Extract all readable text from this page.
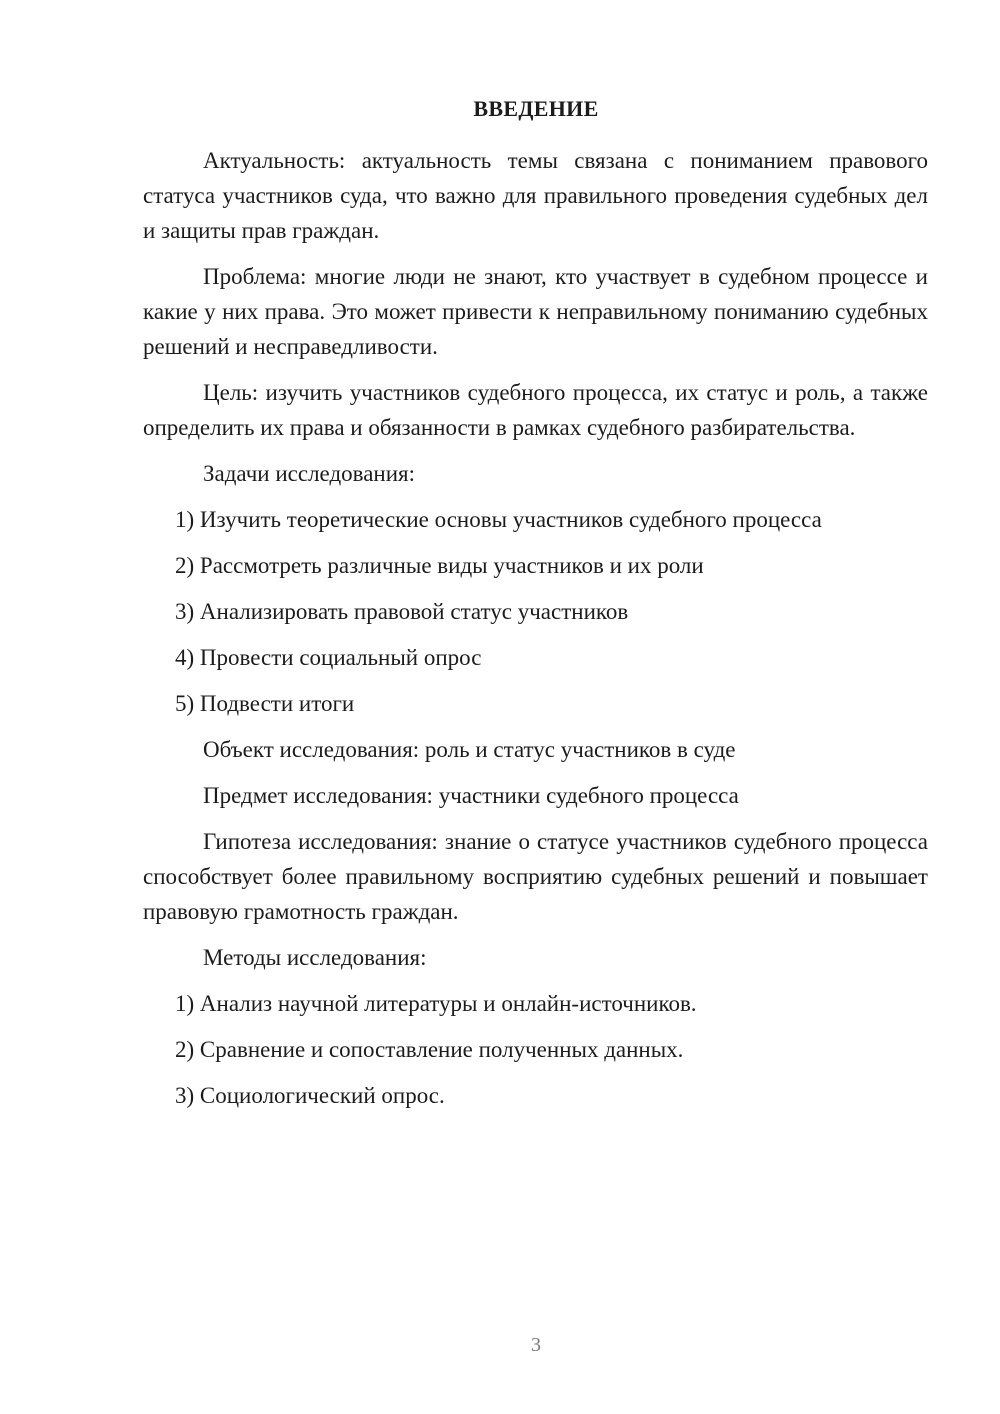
ВВЕДЕНИЕ

Актуальность: актуальность темы связана с пониманием правового статуса участников суда, что важно для правильного проведения судебных дел и защиты прав граждан.

Проблема: многие люди не знают, кто участвует в судебном процессе и какие у них права. Это может привести к неправильному пониманию судебных решений и несправедливости.

Цель: изучить участников судебного процесса, их статус и роль, а также определить их права и обязанности в рамках судебного разбирательства.

Задачи исследования:

1) Изучить теоретические основы участников судебного процесса

2) Рассмотреть различные виды участников и их роли

3) Анализировать правовой статус участников

4) Провести социальный опрос

5) Подвести итоги

Объект исследования: роль и статус участников в суде

Предмет исследования: участники судебного процесса

Гипотеза исследования: знание о статусе участников судебного процесса способствует более правильному восприятию судебных решений и повышает правовую грамотность граждан.

Методы исследования:

1) Анализ научной литературы и онлайн-источников.

2) Сравнение и сопоставление полученных данных.

3) Социологический опрос.

3
